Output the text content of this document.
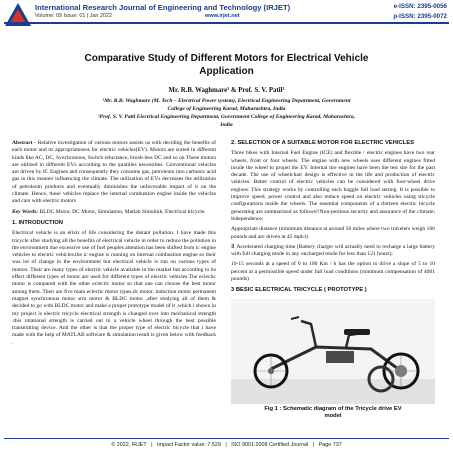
International Research Journal of Engineering and Technology (IRJET)
Volume: 09 Issue: 01 | Jan 2022	www.irjet.net
e-ISSN: 2395-0056
p-ISSN: 2395-0072
Comparative Study of Different Motors for Electrical Vehicle
Application
Mr. R.B. Waghmare¹ & Prof. S. V. Patil²
¹Mr. R.B. Waghmare (M. Tech – Electrical Power system), Electrical Engineering Department, Government
College of Engineering Karad, Maharashtra, India
²Prof. S. V. Patil Electrical Engineering Department, Government College of Engineering Karad, Maharashtra,
India

Abstract - Relative investigation of various motors assists us with deciding the benefits of each motor and its appropriateness for electric vehicles(EV). Motors are sorted in different kinds like AC, DC, Synchronous, Switch reluctance, brush-less DC and so on These motors are utilized in different EVs according to the qualities necessities. Conventional vehicles are driven by IC Engines and consequently they consume gas, petroleum into carbonic acid gas in this manner influencing the climate. The utilization of EVs decreases the utilization of petroleum products and eventually diminishes the unfavorable impact of it on the climate. Hence, these vehicles replace the internal combustion engine inside the vehicles and cars with electric motors

Key Words: BLDC Motor, DC Motor, Simulation, Matlab Simulink, Electrical tricycle.

1. INTRODUCTION

Electrical vehicle is an elixir of life considering the distant pollution. I have made this tricycle after studying all the benefits of electrical vehicle in order to reduce the pollution in the environment due excessive use of fuel peoples attention has been shifted from ic engine vehicles to electric vehicles.the ic engine is running on internal combustion engine so their was lot of change in the environment but electrical vehicle is run on various types of motors. Their are many types of electric vehicle available in the market but according to its effect different types of motor are used for different types of electric vehicles.The eclectic motor is compared with the other eclectic motor so that one can choose the best motor among them. Their are five main eclectic motor types.dc motor, induction motor permanent magnet synchronous motor srm motor & BLDC motor ,after studying all of them & decided to go with BLDC motor and make a proper prototype model of it ,which i shown in my project is electric tricycle electrical strength is changed over into mechanical strength .this rotational strength is carried out to a vehicle wheel through the best possible transmitting device. And the other is that the proper type of electric bicycle that i have made with the help of MATLAB software & simulation result is given below with feedback .

2. SELECTION OF A SUITABLE MOTOR FOR ELECTRIC VEHICLES

Three bikes with Internal Fuel Engine (ICE) and flexible / electric engines have two rear wheels, front or four wheels. The engine with new wheels uses different engines fitted inside the wheel to propel the EV. Internal tire engines have been the test site for the past decade. The use of wheelchair design is effective in the life and production of electric vehicles. Better control of electric vehicles can be considered with four-wheel drive engines. This strategy works by controlling each huggle full load setting. It is possible to improve speed, power control and also reduce speed on electric vehicles using tricycle configurations inside the wheels. The essential components of a thirteen electric bicycle generating are summarized as follows!!Non-perilous security and assurance of the climate; Independence;

Appropriate distance (minimum distance at around 50 miles where two travelers weigh 166 pounds and are driven at 45 mph1)

Ⅱ Accelerated charging time (Battery charger will actually need to recharge a large battery with full charging mode in any uncharged mode for less than 121 hours);

10-15 seconds at a speed of 0 to 100 Km / h has the option to drive a slope of 5 to 10 percent at a permissible speed under full load conditions (minimum compensation of 4001 pounds)

3 BESIC ELECTRICAL TRICYCLE ( PROTOTYPE )
Fig 1 : Schematic diagram of the Tricycle drive EV
model
© 2022, IRJET   |   Impact Factor value: 7.529   |   ISO 9001:2008 Certified Journal   |   Page 737
